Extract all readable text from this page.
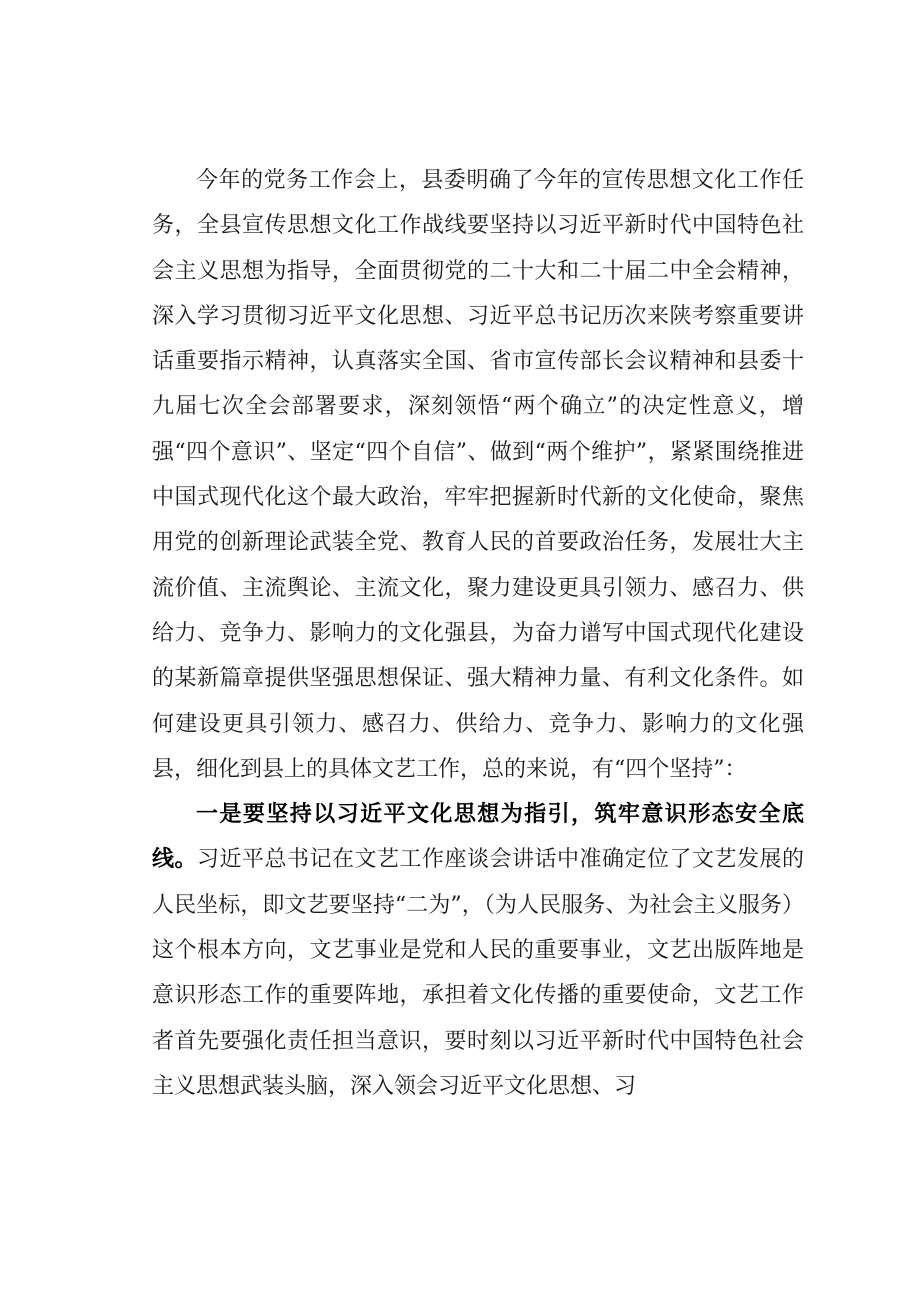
今年的党务工作会上，县委明确了今年的宣传思想文化工作任务，全县宣传思想文化工作战线要坚持以习近平新时代中国特色社会主义思想为指导，全面贯彻党的二十大和二十届二中全会精神，深入学习贯彻习近平文化思想、习近平总书记历次来陕考察重要讲话重要指示精神，认真落实全国、省市宣传部长会议精神和县委十九届七次全会部署要求，深刻领悟“两个确立”的决定性意义，增强“四个意识”、坚定“四个自信”、做到“两个维护”，紧紧围绕推进中国式现代化这个最大政治，牢牢把握新时代新的文化使命，聚焦用党的创新理论武装全党、教育人民的首要政治任务，发展壮大主流价值、主流舆论、主流文化，聚力建设更具引领力、感召力、供给力、竞争力、影响力的文化强县，为奋力谱写中国式现代化建设的某新篇章提供坚强思想保证、强大精神力量、有利文化条件。如何建设更具引领力、感召力、供给力、竞争力、影响力的文化强县，细化到县上的具体文艺工作，总的来说，有“四个坚持”：

一是要坚持以习近平文化思想为指引，筑牢意识形态安全底线。习近平总书记在文艺工作座谈会讲话中准确定位了文艺发展的人民坐标，即文艺要坚持“二为”，（为人民服务、为社会主义服务）这个根本方向，文艺事业是党和人民的重要事业，文艺出版阵地是意识形态工作的重要阵地，承担着文化传播的重要使命，文艺工作者首先要强化责任担当意识，要时刻以习近平新时代中国特色社会主义思想武装头脑，深入领会习近平文化思想、习
